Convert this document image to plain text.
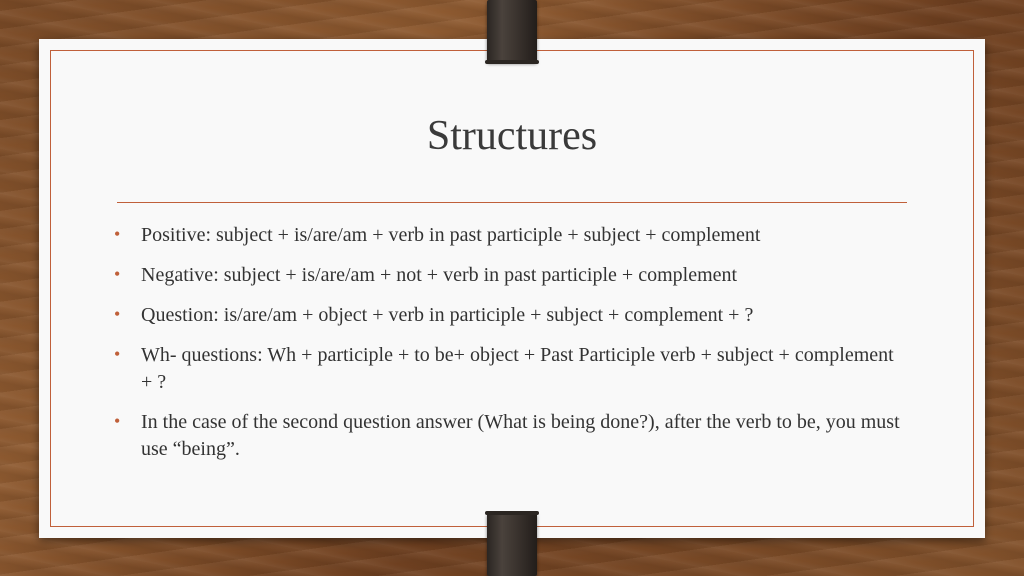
Structures
• Positive: subject + is/are/am + verb in past participle + subject + complement
• Negative: subject + is/are/am + not + verb in past participle + complement
• Question: is/are/am + object + verb in participle + subject + complement + ?
• Wh- questions: Wh + participle + to be+ object + Past Participle verb + subject + complement + ?
• In the case of the second question answer (What is being done?), after the verb to be, you must use “being”.
